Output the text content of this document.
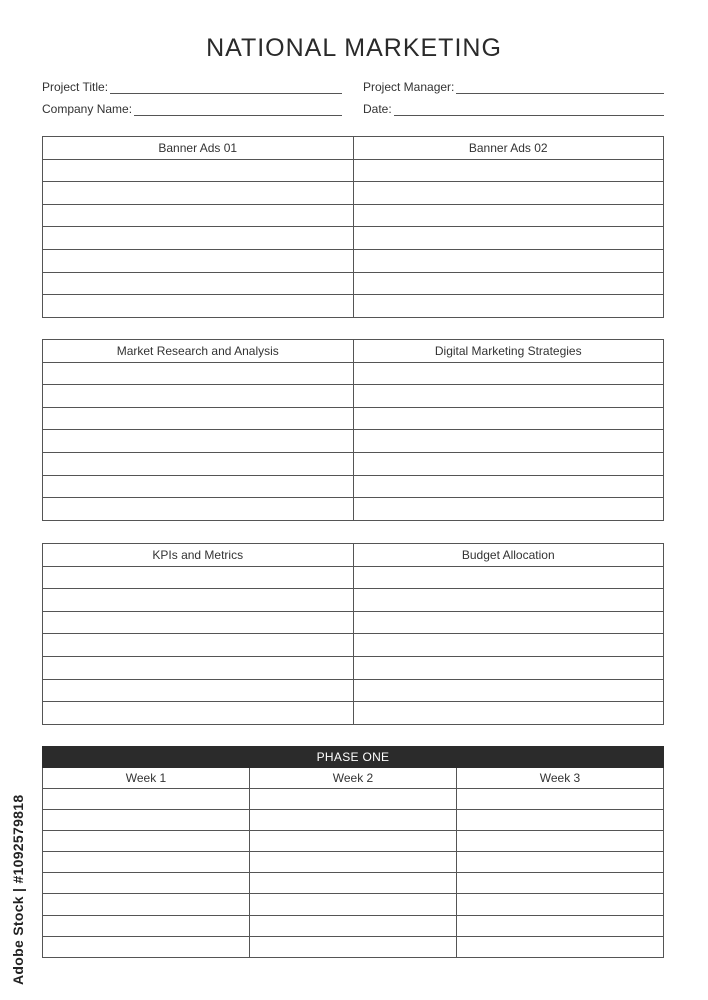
NATIONAL MARKETING
Project Title:
Company Name:
Project Manager:
Date:
Banner Ads 01	Banner Ads 02

Market Research and Analysis	Digital Marketing Strategies

KPIs and Metrics	Budget Allocation

PHASE ONE		
Week 1	Week 2	Week 3

Adobe Stock | #1092579818
